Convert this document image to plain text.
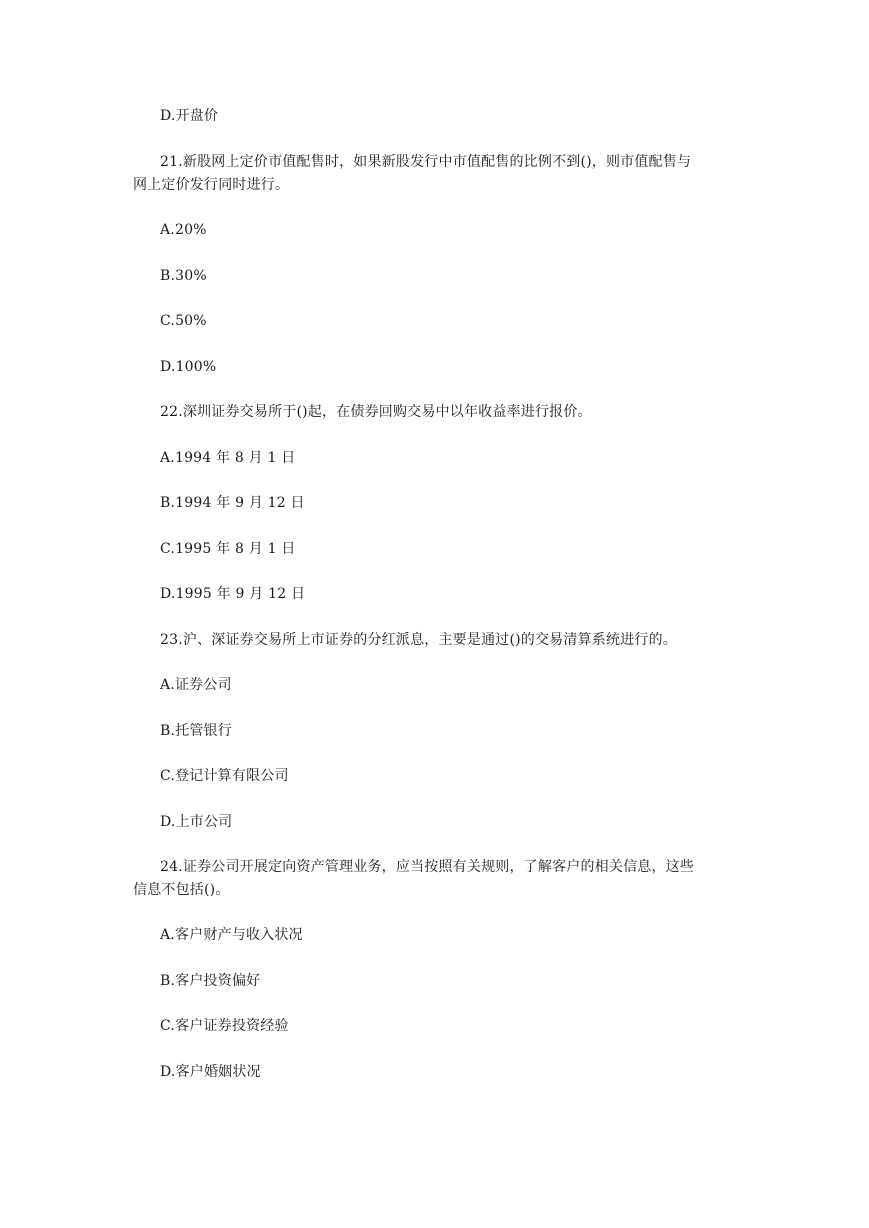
D.开盘价
21.新股网上定价市值配售时，如果新股发行中市值配售的比例不到()，则市值配售与
网上定价发行同时进行。
A.20%
B.30%
C.50%
D.100%
22.深圳证券交易所于()起，在债券回购交易中以年收益率进行报价。
A.1994 年 8 月 1 日
B.1994 年 9 月 12 日
C.1995 年 8 月 1 日
D.1995 年 9 月 12 日
23.沪、深证券交易所上市证券的分红派息，主要是通过()的交易清算系统进行的。
A.证券公司
B.托管银行
C.登记计算有限公司
D.上市公司
24.证券公司开展定向资产管理业务，应当按照有关规则，了解客户的相关信息，这些
信息不包括()。
A.客户财产与收入状况
B.客户投资偏好
C.客户证券投资经验
D.客户婚姻状况
